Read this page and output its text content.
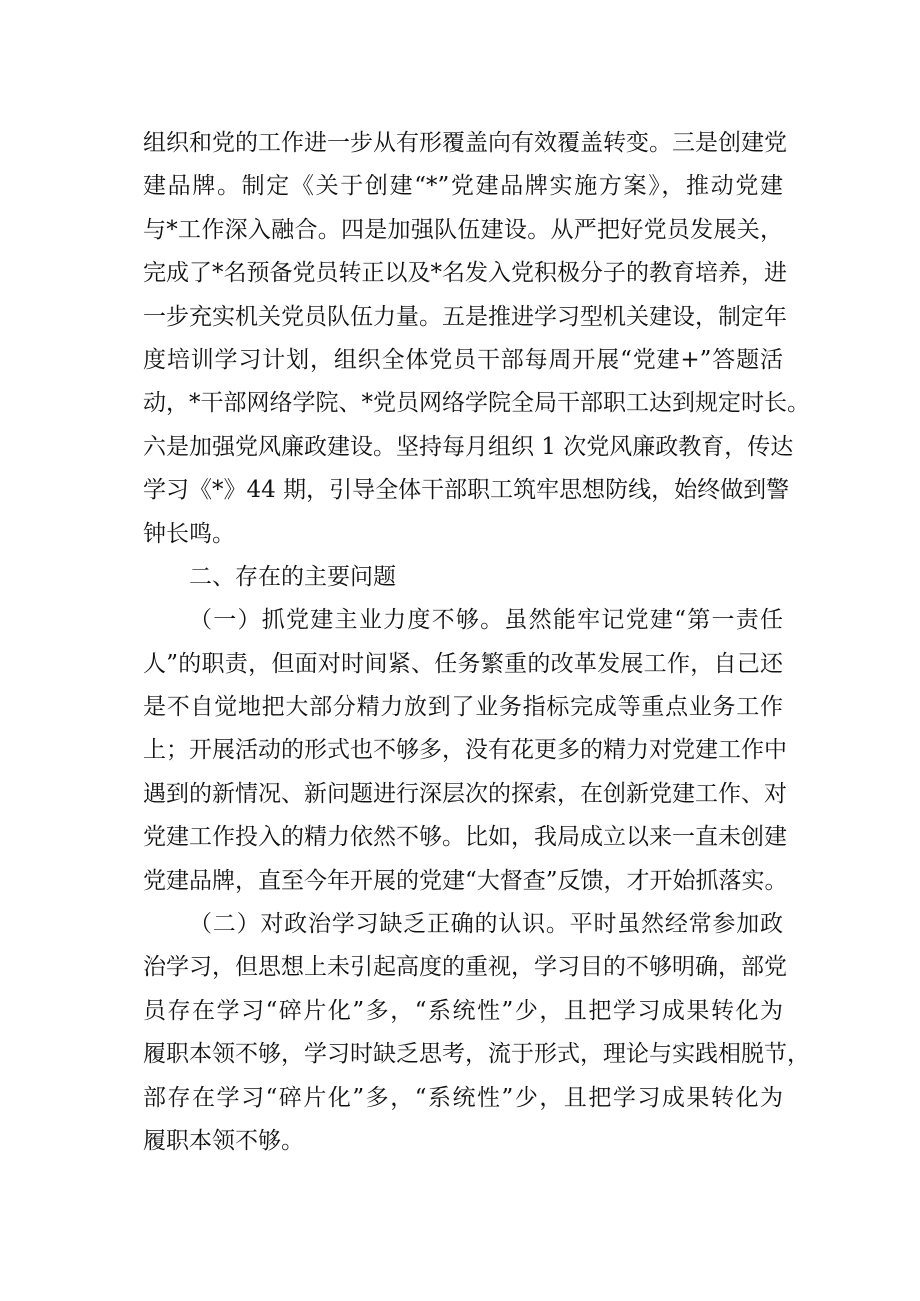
组织和党的工作进一步从有形覆盖向有效覆盖转变。三是创建党
建品牌。制定《关于创建“*”党建品牌实施方案》，推动党建
与*工作深入融合。四是加强队伍建设。从严把好党员发展关，
完成了*名预备党员转正以及*名发入党积极分子的教育培养，进
一步充实机关党员队伍力量。五是推进学习型机关建设，制定年
度培训学习计划，组织全体党员干部每周开展“党建+”答题活
动，*干部网络学院、*党员网络学院全局干部职工达到规定时长。
六是加强党风廉政建设。坚持每月组织 1 次党风廉政教育，传达
学习《*》44 期，引导全体干部职工筑牢思想防线，始终做到警
钟长鸣。
二、存在的主要问题
（一）抓党建主业力度不够。虽然能牢记党建“第一责任
人”的职责，但面对时间紧、任务繁重的改革发展工作，自己还
是不自觉地把大部分精力放到了业务指标完成等重点业务工作
上；开展活动的形式也不够多，没有花更多的精力对党建工作中
遇到的新情况、新问题进行深层次的探索，在创新党建工作、对
党建工作投入的精力依然不够。比如，我局成立以来一直未创建
党建品牌，直至今年开展的党建“大督查”反馈，才开始抓落实。
（二）对政治学习缺乏正确的认识。平时虽然经常参加政
治学习，但思想上未引起高度的重视，学习目的不够明确，部党
员存在学习“碎片化”多，“系统性”少，且把学习成果转化为
履职本领不够，学习时缺乏思考，流于形式，理论与实践相脱节，
部存在学习“碎片化”多，“系统性”少，且把学习成果转化为
履职本领不够。
